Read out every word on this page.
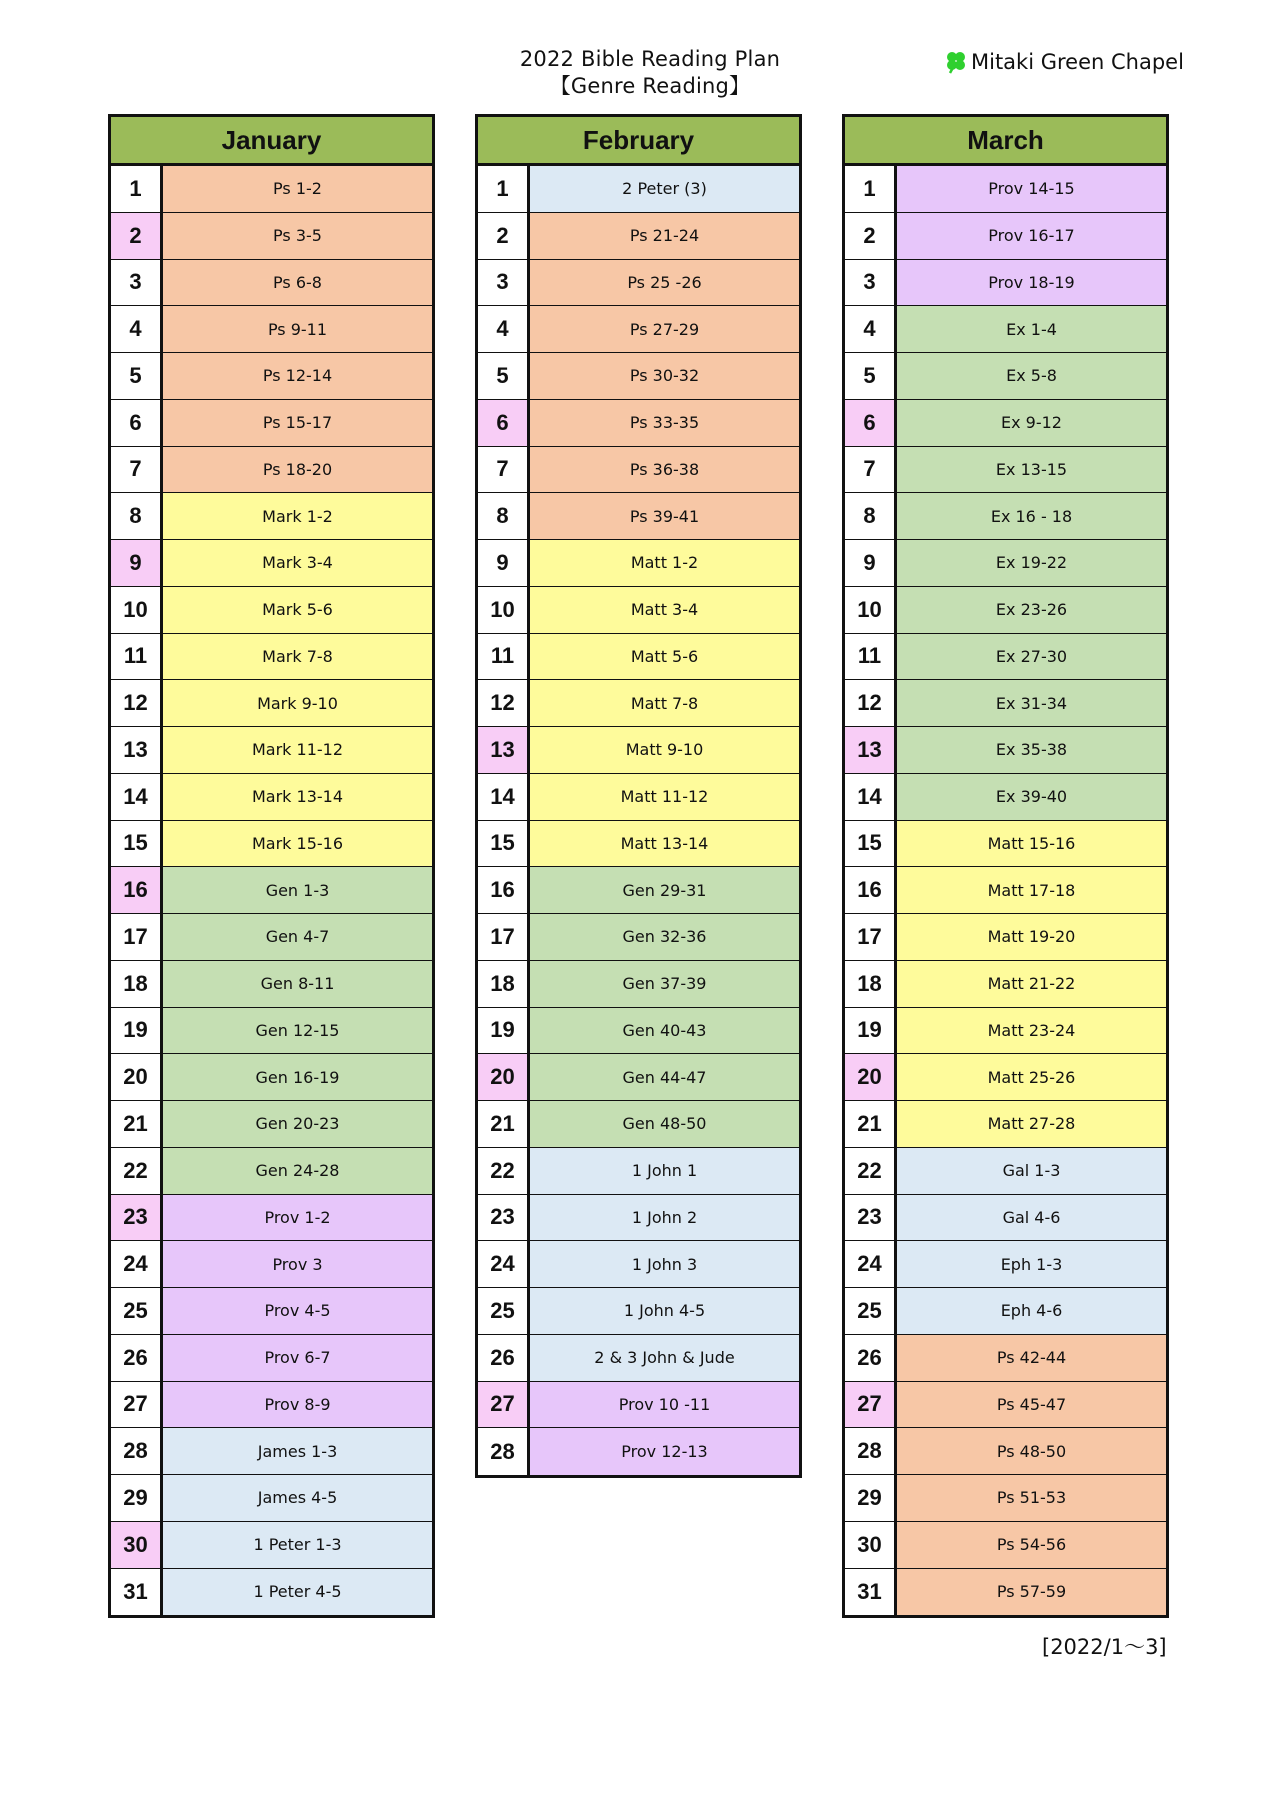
2022 Bible Reading Plan
【Genre Reading】
Mitaki Green Chapel
January
1	Ps 1-2
2	Ps 3-5
3	Ps 6-8
4	Ps 9-11
5	Ps 12-14
6	Ps 15-17
7	Ps 18-20
8	Mark 1-2
9	Mark 3-4
10	Mark 5-6
11	Mark 7-8
12	Mark 9-10
13	Mark 11-12
14	Mark 13-14
15	Mark 15-16
16	Gen 1-3
17	Gen 4-7
18	Gen 8-11
19	Gen 12-15
20	Gen 16-19
21	Gen 20-23
22	Gen 24-28
23	Prov 1-2
24	Prov 3
25	Prov 4-5
26	Prov 6-7
27	Prov 8-9
28	James 1-3
29	James 4-5
30	1 Peter 1-3
31	1 Peter 4-5
February
1	2 Peter (3)
2	Ps 21-24
3	Ps 25 -26
4	Ps 27-29
5	Ps 30-32
6	Ps 33-35
7	Ps 36-38
8	Ps 39-41
9	Matt 1-2
10	Matt 3-4
11	Matt 5-6
12	Matt 7-8
13	Matt 9-10
14	Matt 11-12
15	Matt 13-14
16	Gen 29-31
17	Gen 32-36
18	Gen 37-39
19	Gen 40-43
20	Gen 44-47
21	Gen 48-50
22	1 John 1
23	1 John 2
24	1 John 3
25	1 John 4-5
26	2 & 3 John & Jude
27	Prov 10 -11
28	Prov 12-13
March
1	Prov 14-15
2	Prov 16-17
3	Prov 18-19
4	Ex 1-4
5	Ex 5-8
6	Ex 9-12
7	Ex 13-15
8	Ex 16 - 18
9	Ex 19-22
10	Ex 23-26
11	Ex 27-30
12	Ex 31-34
13	Ex 35-38
14	Ex 39-40
15	Matt 15-16
16	Matt 17-18
17	Matt 19-20
18	Matt 21-22
19	Matt 23-24
20	Matt 25-26
21	Matt 27-28
22	Gal 1-3
23	Gal 4-6
24	Eph 1-3
25	Eph 4-6
26	Ps 42-44
27	Ps 45-47
28	Ps 48-50
29	Ps 51-53
30	Ps 54-56
31	Ps 57-59
[2022/1～3]
